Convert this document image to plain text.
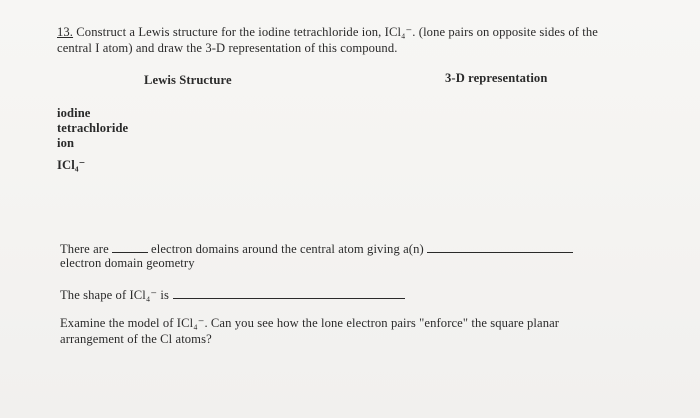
​
13. Construct a Lewis structure for the iodine tetrachloride ion, ICl₄⁻. (lone pairs on opposite sides of the
central I atom) and draw the 3-D representation of this compound.
Lewis Structure	3-D representation
iodine
tetrachloride
ion
ICl₄⁻
There are	electron domains around the central atom giving a(n)
electron domain geometry
The shape of ICl₄⁻ is
Examine the model of ICl₄⁻. Can you see how the lone electron pairs "enforce" the square planar
arrangement of the Cl atoms?
